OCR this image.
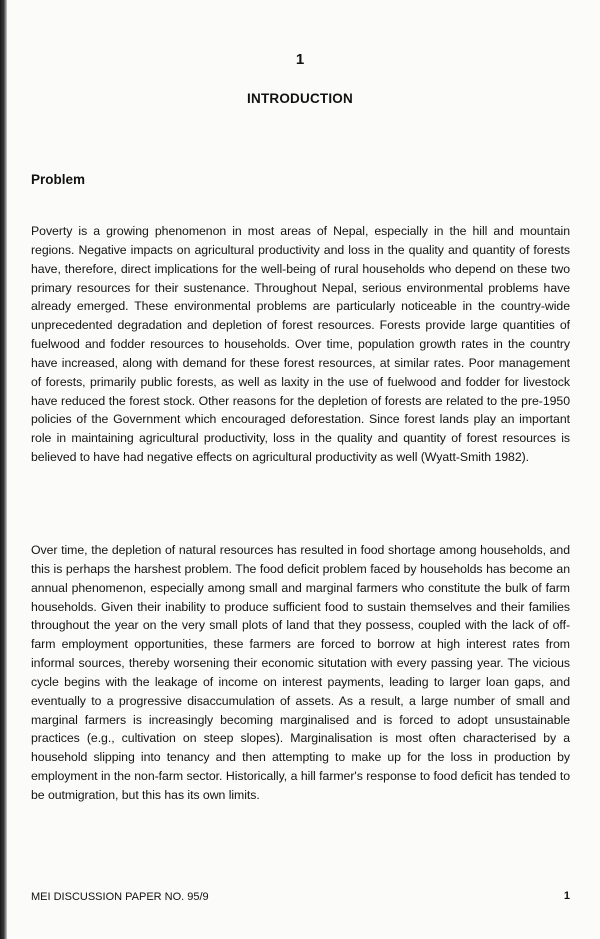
1

INTRODUCTION

Problem

Poverty is a growing phenomenon in most areas of Nepal, especially in the hill and mountain regions. Negative impacts on agricultural productivity and loss in the quality and quantity of forests have, therefore, direct implications for the well-being of rural households who depend on these two primary resources for their sustenance. Throughout Nepal, serious environmental problems have already emerged. These environmental problems are particularly noticeable in the country-wide unprecedented degradation and depletion of forest resources. Forests provide large quantities of fuelwood and fodder resources to households. Over time, population growth rates in the country have increased, along with demand for these forest resources, at similar rates. Poor management of forests, primarily public forests, as well as laxity in the use of fuelwood and fodder for livestock have reduced the forest stock. Other reasons for the depletion of forests are related to the pre-1950 policies of the Government which encouraged deforestation. Since forest lands play an important role in maintaining agricultural productivity, loss in the quality and quantity of forest resources is believed to have had negative effects on agricultural productivity as well (Wyatt-Smith 1982).

Over time, the depletion of natural resources has resulted in food shortage among households, and this is perhaps the harshest problem. The food deficit problem faced by households has become an annual phenomenon, especially among small and marginal farmers who constitute the bulk of farm households. Given their inability to produce sufficient food to sustain themselves and their families throughout the year on the very small plots of land that they possess, coupled with the lack of off-farm employment opportunities, these farmers are forced to borrow at high interest rates from informal sources, thereby worsening their economic situtation with every passing year. The vicious cycle begins with the leakage of income on interest payments, leading to larger loan gaps, and eventually to a progressive disaccumulation of assets. As a result, a large number of small and marginal farmers is increasingly becoming marginalised and is forced to adopt unsustainable practices (e.g., cultivation on steep slopes). Marginalisation is most often characterised by a household slipping into tenancy and then attempting to make up for the loss in production by employment in the non-farm sector. Historically, a hill farmer's response to food deficit has tended to be outmigration, but this has its own limits.

MEI DISCUSSION PAPER NO. 95/9	1
